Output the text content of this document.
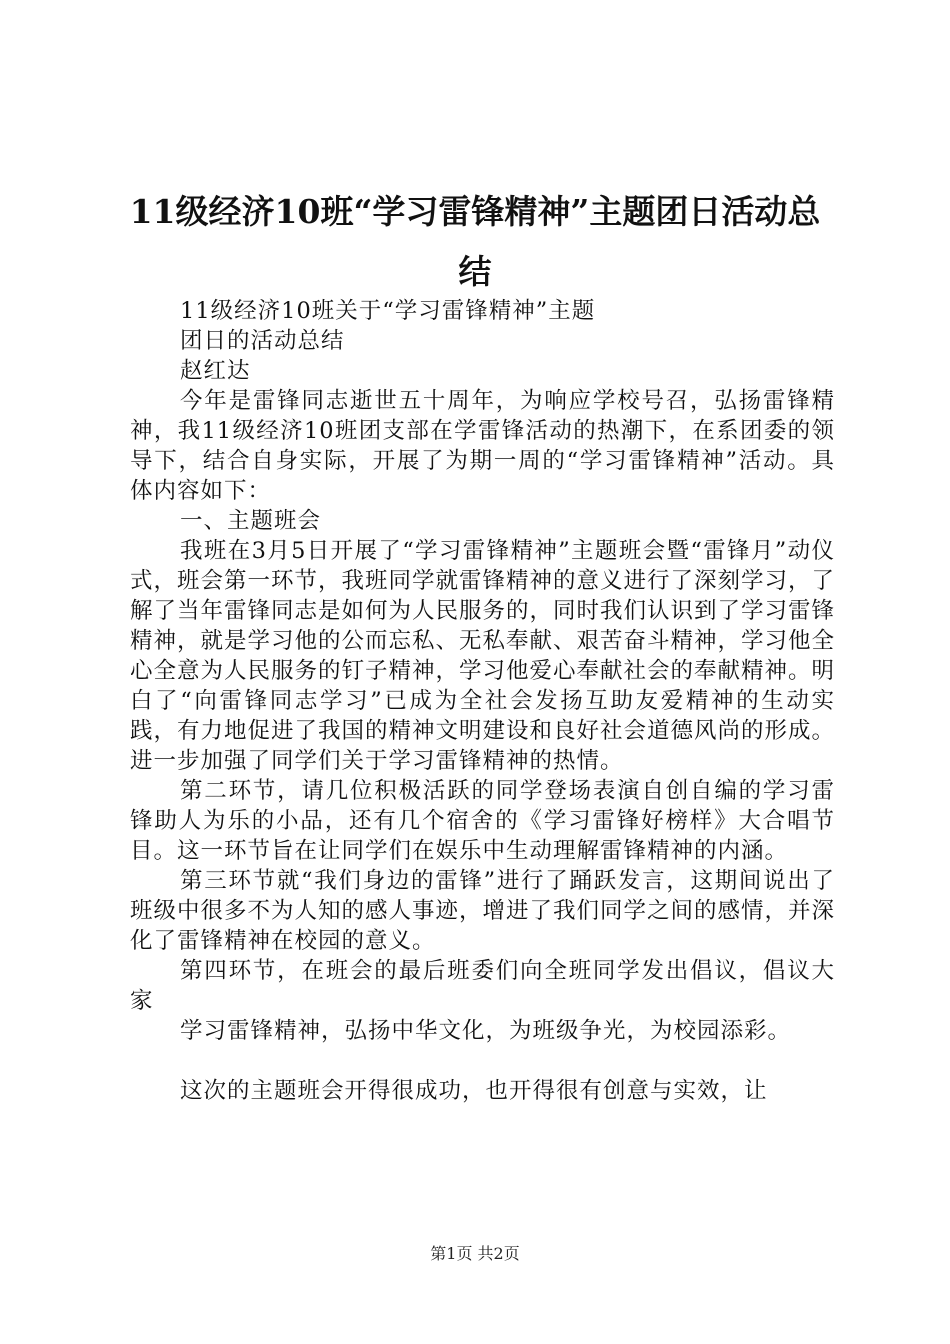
11级经济10班“学习雷锋精神”主题团日活动总结

11级经济10班关于“学习雷锋精神”主题

团日的活动总结

赵红达

今年是雷锋同志逝世五十周年，为响应学校号召，弘扬雷锋精神，我11级经济10班团支部在学雷锋活动的热潮下，在系团委的领导下，结合自身实际，开展了为期一周的“学习雷锋精神”活动。具体内容如下：

一、主题班会

我班在3月5日开展了“学习雷锋精神”主题班会暨“雷锋月”动仪式，班会第一环节，我班同学就雷锋精神的意义进行了深刻学习，了解了当年雷锋同志是如何为人民服务的，同时我们认识到了学习雷锋精神，就是学习他的公而忘私、无私奉献、艰苦奋斗精神，学习他全心全意为人民服务的钉子精神，学习他爱心奉献社会的奉献精神。明白了“向雷锋同志学习”已成为全社会发扬互助友爱精神的生动实践，有力地促进了我国的精神文明建设和良好社会道德风尚的形成。进一步加强了同学们关于学习雷锋精神的热情。

第二环节，请几位积极活跃的同学登场表演自创自编的学习雷锋助人为乐的小品，还有几个宿舍的《学习雷锋好榜样》大合唱节目。这一环节旨在让同学们在娱乐中生动理解雷锋精神的内涵。

第三环节就“我们身边的雷锋”进行了踊跃发言，这期间说出了班级中很多不为人知的感人事迹，增进了我们同学之间的感情，并深化了雷锋精神在校园的意义。

第四环节，在班会的最后班委们向全班同学发出倡议，倡议大家

学习雷锋精神，弘扬中华文化，为班级争光，为校园添彩。

这次的主题班会开得很成功，也开得很有创意与实效，让

第1页 共2页
